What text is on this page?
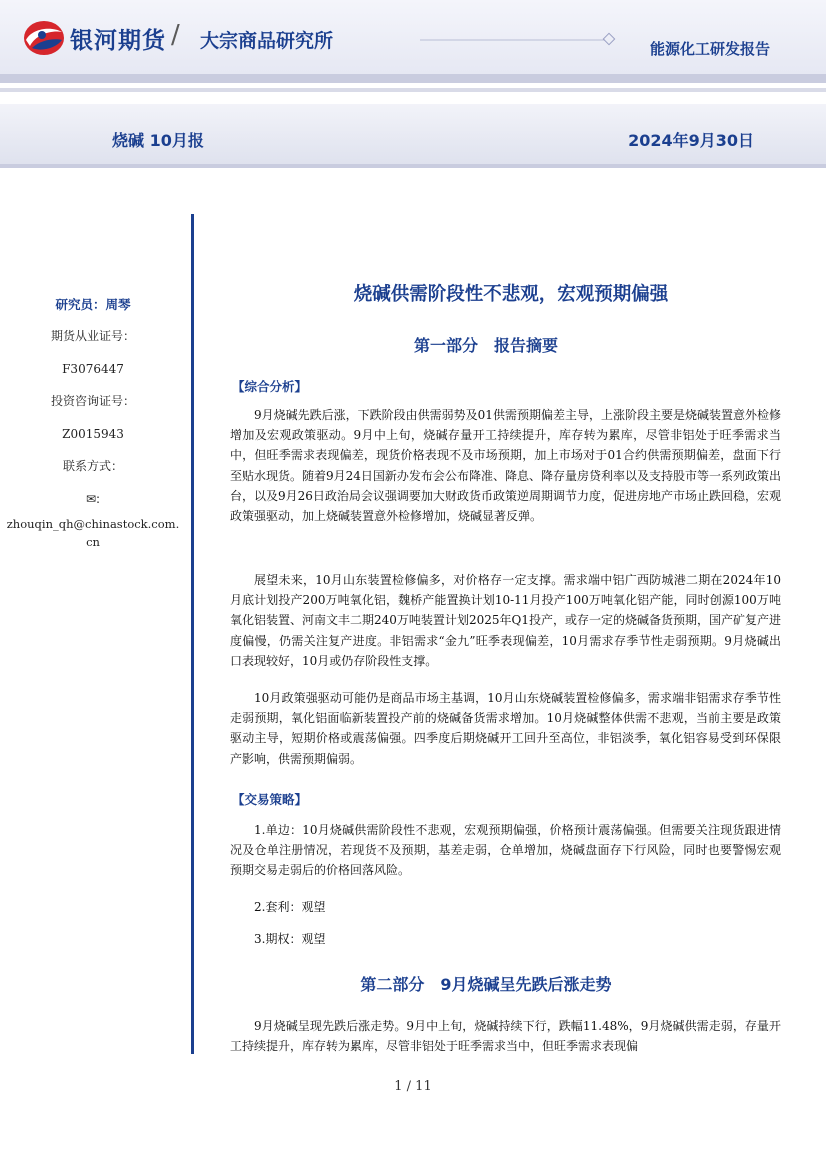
银河期货 / 大宗商品研究所	能源化工研发报告
烧碱 10月报	2024年9月30日
研究员：周琴
期货从业证号：
F3076447
投资咨询证号：
Z0015943
联系方式：
✉:
zhouqin_qh@chinastock.com.cn
烧碱供需阶段性不悲观，宏观预期偏强
第一部分　报告摘要
【综合分析】
9月烧碱先跌后涨，下跌阶段由供需弱势及01供需预期偏差主导，上涨阶段主要是烧碱装置意外检修增加及宏观政策驱动。9月中上旬，烧碱存量开工持续提升，库存转为累库，尽管非铝处于旺季需求当中，但旺季需求表现偏差，现货价格表现不及市场预期，加上市场对于01合约供需预期偏差，盘面下行至贴水现货。随着9月24日国新办发布会公布降准、降息、降存量房贷利率以及支持股市等一系列政策出台，以及9月26日政治局会议强调要加大财政货币政策逆周期调节力度，促进房地产市场止跌回稳，宏观政策强驱动，加上烧碱装置意外检修增加，烧碱显著反弹。
展望未来，10月山东装置检修偏多，对价格存一定支撑。需求端中铝广西防城港二期在2024年10月底计划投产200万吨氧化铝，魏桥产能置换计划10-11月投产100万吨氧化铝产能，同时创源100万吨氧化铝装置、河南文丰二期240万吨装置计划2025年Q1投产，或存一定的烧碱备货预期，国产矿复产进度偏慢，仍需关注复产进度。非铝需求“金九”旺季表现偏差，10月需求存季节性走弱预期。9月烧碱出口表现较好，10月或仍存阶段性支撑。
10月政策强驱动可能仍是商品市场主基调，10月山东烧碱装置检修偏多，需求端非铝需求存季节性走弱预期，氧化铝面临新装置投产前的烧碱备货需求增加。10月烧碱整体供需不悲观，当前主要是政策驱动主导，短期价格或震荡偏强。四季度后期烧碱开工回升至高位，非铝淡季，氧化铝容易受到环保限产影响，供需预期偏弱。
【交易策略】
1.单边：10月烧碱供需阶段性不悲观，宏观预期偏强，价格预计震荡偏强。但需要关注现货跟进情况及仓单注册情况，若现货不及预期，基差走弱，仓单增加，烧碱盘面存下行风险，同时也要警惕宏观预期交易走弱后的价格回落风险。
2.套利：观望
3.期权：观望
第二部分　9月烧碱呈先跌后涨走势
9月烧碱呈现先跌后涨走势。9月中上旬，烧碱持续下行，跌幅11.48%，9月烧碱供需走弱，存量开工持续提升，库存转为累库，尽管非铝处于旺季需求当中，但旺季需求表现偏
1 / 11
